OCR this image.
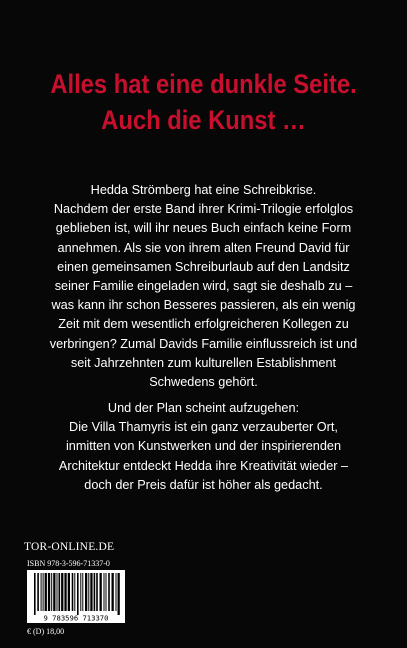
Alles hat eine dunkle Seite.
Auch die Kunst …

Hedda Strömberg hat eine Schreibkrise.
Nachdem der erste Band ihrer Krimi-Trilogie erfolglos
geblieben ist, will ihr neues Buch einfach keine Form
annehmen. Als sie von ihrem alten Freund David für
einen gemeinsamen Schreiburlaub auf den Landsitz
seiner Familie eingeladen wird, sagt sie deshalb zu –
was kann ihr schon Besseres passieren, als ein wenig
Zeit mit dem wesentlich erfolgreicheren Kollegen zu
verbringen? Zumal Davids Familie einflussreich ist und
seit Jahrzehnten zum kulturellen Establishment
Schwedens gehört.

Und der Plan scheint aufzugehen:
Die Villa Thamyris ist ein ganz verzauberter Ort,
inmitten von Kunstwerken und der inspirierenden
Architektur entdeckt Hedda ihre Kreativität wieder –
doch der Preis dafür ist höher als gedacht.

TOR-ONLINE.DE
ISBN 978-3-596-71337-0
9 783596 713370
€ (D) 18,00
